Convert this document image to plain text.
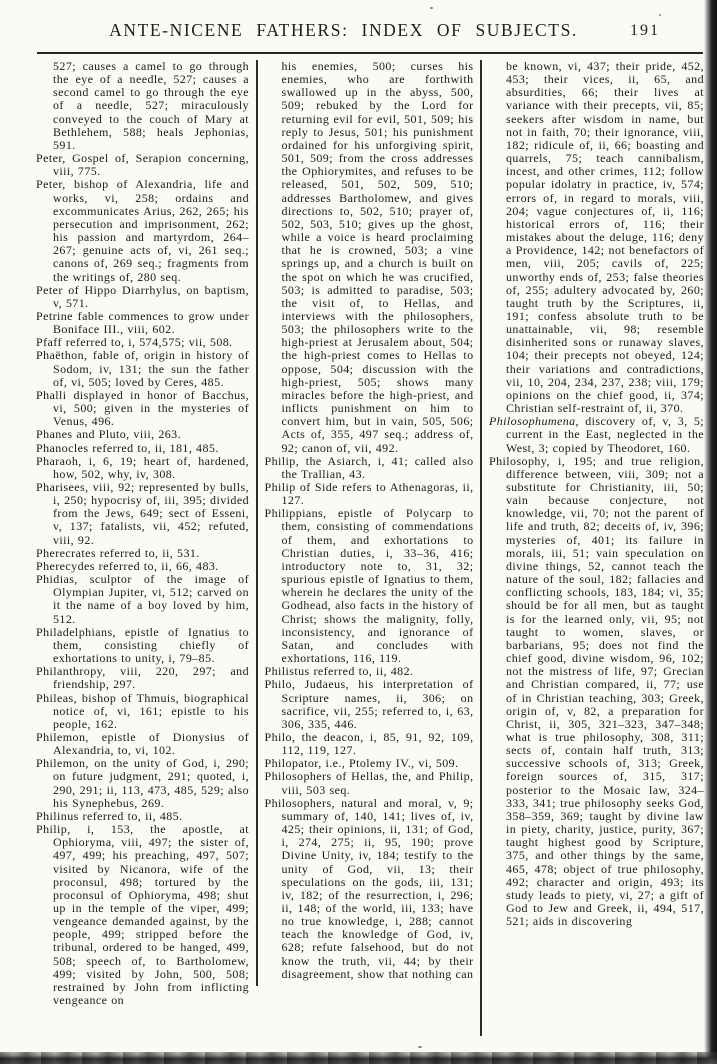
ANTE-NICENE FATHERS: INDEX OF SUBJECTS.	191

527; causes a camel to go through the eye of a needle, 527; causes a second camel to go through the eye of a needle, 527; miraculously conveyed to the couch of Mary at Bethlehem, 588; heals Jephonias, 591.

Peter, Gospel of, Serapion concerning, viii, 775.

Peter, bishop of Alexandria, life and works, vi, 258; ordains and excommunicates Arius, 262, 265; his persecution and imprisonment, 262; his passion and martyrdom, 264–267; genuine acts of, vi, 261 seq.; canons of, 269 seq.; fragments from the writings of, 280 seq.

Peter of Hippo Diarrhylus, on baptism, v, 571.

Petrine fable commences to grow under Boniface III., viii, 602.

Pfaff referred to, i, 574,575; vii, 508.

Phaëthon, fable of, origin in history of Sodom, iv, 131; the sun the father of, vi, 505; loved by Ceres, 485.

Phalli displayed in honor of Bacchus, vi, 500; given in the mysteries of Venus, 496.

Phanes and Pluto, viii, 263.

Phanocles referred to, ii, 181, 485.

Pharaoh, i, 6, 19; heart of, hardened, how, 502, why, iv, 308.

Pharisees, viii, 92; represented by bulls, i, 250; hypocrisy of, iii, 395; divided from the Jews, 649; sect of Esseni, v, 137; fatalists, vii, 452; refuted, viii, 92.

Pherecrates referred to, ii, 531.

Pherecydes referred to, ii, 66, 483.

Phidias, sculptor of the image of Olympian Jupiter, vi, 512; carved on it the name of a boy loved by him, 512.

Philadelphians, epistle of Ignatius to them, consisting chiefly of exhortations to unity, i, 79–85.

Philanthropy, viii, 220, 297; and friendship, 297.

Phileas, bishop of Thmuis, biographical notice of, vi, 161; epistle to his people, 162.

Philemon, epistle of Dionysius of Alexandria, to, vi, 102.

Philemon, on the unity of God, i, 290; on future judgment, 291; quoted, i, 290, 291; ii, 113, 473, 485, 529; also his Synephebus, 269.

Philinus referred to, ii, 485.

Philip, i, 153, the apostle, at Ophioryma, viii, 497; the sister of, 497, 499; his preaching, 497, 507; visited by Nicanora, wife of the proconsul, 498; tortured by the proconsul of Ophioryma, 498; shut up in the temple of the viper, 499; vengeance demanded against, by the people, 499; stripped before the tribunal, ordered to be hanged, 499, 508; speech of, to Bartholomew, 499; visited by John, 500, 508; restrained by John from inflicting vengeance on

his enemies, 500; curses his enemies, who are forthwith swallowed up in the abyss, 500, 509; rebuked by the Lord for returning evil for evil, 501, 509; his reply to Jesus, 501; his punishment ordained for his unforgiving spirit, 501, 509; from the cross addresses the Ophiorymites, and refuses to be released, 501, 502, 509, 510; addresses Bartholomew, and gives directions to, 502, 510; prayer of, 502, 503, 510; gives up the ghost, while a voice is heard proclaiming that he is crowned, 503; a vine springs up, and a church is built on the spot on which he was crucified, 503; is admitted to paradise, 503; the visit of, to Hellas, and interviews with the philosophers, 503; the philosophers write to the high-priest at Jerusalem about, 504; the high-priest comes to Hellas to oppose, 504; discussion with the high-priest, 505; shows many miracles before the high-priest, and inflicts punishment on him to convert him, but in vain, 505, 506; Acts of, 355, 497 seq.; address of, 92; canon of, vii, 492.

Philip, the Asiarch, i, 41; called also the Trallian, 43.

Philip of Side refers to Athenagoras, ii, 127.

Philippians, epistle of Polycarp to them, consisting of commendations of them, and exhortations to Christian duties, i, 33–36, 416; introductory note to, 31, 32; spurious epistle of Ignatius to them, wherein he declares the unity of the Godhead, also facts in the history of Christ; shows the malignity, folly, inconsistency, and ignorance of Satan, and concludes with exhortations, 116, 119.

Philistus referred to, ii, 482.

Philo, Judaeus, his interpretation of Scripture names, ii, 306; on sacrifice, vii, 255; referred to, i, 63, 306, 335, 446.

Philo, the deacon, i, 85, 91, 92, 109, 112, 119, 127.

Philopator, i.e., Ptolemy IV., vi, 509.

Philosophers of Hellas, the, and Philip, viii, 503 seq.

Philosophers, natural and moral, v, 9; summary of, 140, 141; lives of, iv, 425; their opinions, ii, 131; of God, i, 274, 275; ii, 95, 190; prove Divine Unity, iv, 184; testify to the unity of God, vii, 13; their speculations on the gods, iii, 131; iv, 182; of the resurrection, i, 296; ii, 148; of the world, iii, 133; have no true knowledge, i, 288; cannot teach the knowledge of God, iv, 628; refute falsehood, but do not know the truth, vii, 44; by their disagreement, show that nothing can

be known, vi, 437; their pride, 452, 453; their vices, ii, 65, and absurdities, 66; their lives at variance with their precepts, vii, 85; seekers after wisdom in name, but not in faith, 70; their ignorance, viii, 182; ridicule of, ii, 66; boasting and quarrels, 75; teach cannibalism, incest, and other crimes, 112; follow popular idolatry in practice, iv, 574; errors of, in regard to morals, viii, 204; vague conjectures of, ii, 116; historical errors of, 116; their mistakes about the deluge, 116; deny a Providence, 142; not benefactors of men, viii, 205; cavils of, 225; unworthy ends of, 253; false theories of, 255; adultery advocated by, 260; taught truth by the Scriptures, ii, 191; confess absolute truth to be unattainable, vii, 98; resemble disinherited sons or runaway slaves, 104; their precepts not obeyed, 124; their variations and contradictions, vii, 10, 204, 234, 237, 238; viii, 179; opinions on the chief good, ii, 374; Christian self-restraint of, ii, 370.

Philosophumena, discovery of, v, 3, 5; current in the East, neglected in the West, 3; copied by Theodoret, 160.

Philosophy, i, 195; and true religion, difference between, viii, 309; not a substitute for Christianity, iii, 50; vain because conjecture, not knowledge, vii, 70; not the parent of life and truth, 82; deceits of, iv, 396; mysteries of, 401; its failure in morals, iii, 51; vain speculation on divine things, 52, cannot teach the nature of the soul, 182; fallacies and conflicting schools, 183, 184; vi, 35; should be for all men, but as taught is for the learned only, vii, 95; not taught to women, slaves, or barbarians, 95; does not find the chief good, divine wisdom, 96, 102; not the mistress of life, 97; Grecian and Christian compared, ii, 77; use of in Christian teaching, 303; Greek, origin of, v, 82, a preparation for Christ, ii, 305, 321–323, 347–348; what is true philosophy, 308, 311; sects of, contain half truth, 313; successive schools of, 313; Greek, foreign sources of, 315, 317; posterior to the Mosaic law, 324–333, 341; true philosophy seeks God, 358–359, 369; taught by divine law in piety, charity, justice, purity, 367; taught highest good by Scripture, 375, and other things by the same, 465, 478; object of true philosophy, 492; character and origin, 493; its study leads to piety, vi, 27; a gift of God to Jew and Greek, ii, 494, 517, 521; aids in discovering
